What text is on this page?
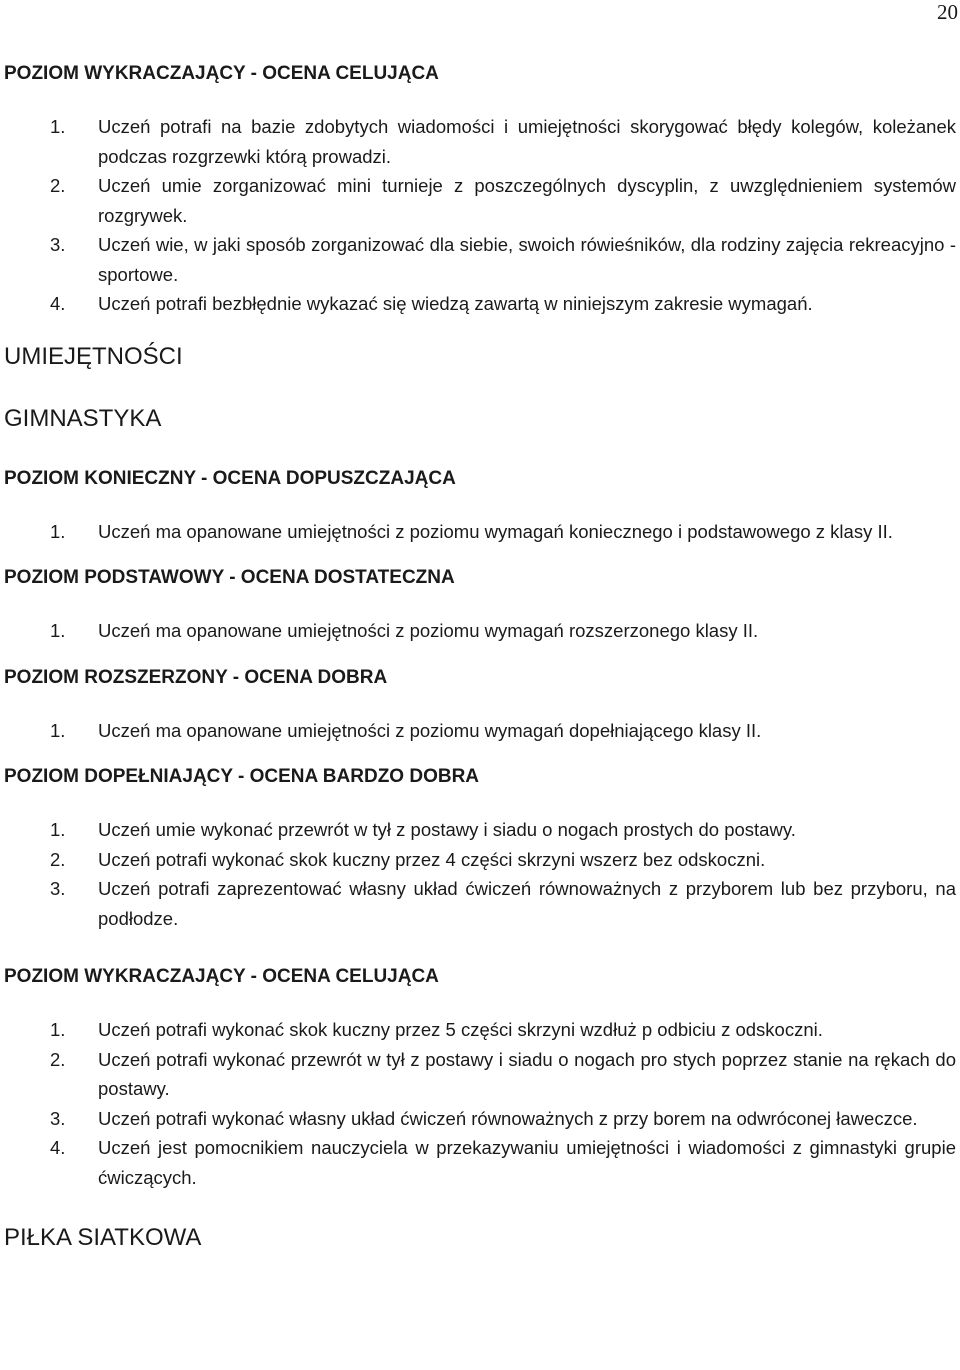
20

POZIOM WYKRACZAJĄCY - OCENA CELUJĄCA
1.	Uczeń potrafi na bazie zdobytych wiadomości i umiejętności skorygować błędy kolegów, koleżanek podczas rozgrzewki którą prowadzi.
2.	Uczeń umie zorganizować mini turnieje z poszczególnych dyscyplin, z uwzględnieniem systemów rozgrywek.
3.	Uczeń wie, w jaki sposób zorganizować dla siebie, swoich rówieśników, dla rodziny zajęcia rekreacyjno - sportowe.
4.	Uczeń potrafi bezbłędnie wykazać się wiedzą zawartą w niniejszym zakresie wymagań.
UMIEJĘTNOŚCI
GIMNASTYKA
POZIOM KONIECZNY - OCENA DOPUSZCZAJĄCA
1.	Uczeń ma opanowane umiejętności z poziomu wymagań koniecznego i podstawowego z klasy II.
POZIOM PODSTAWOWY - OCENA DOSTATECZNA
1.	Uczeń ma opanowane umiejętności z poziomu wymagań rozszerzonego klasy II.
POZIOM ROZSZERZONY - OCENA DOBRA
1.	Uczeń ma opanowane umiejętności z poziomu wymagań dopełniającego klasy II.
POZIOM DOPEŁNIAJĄCY - OCENA BARDZO DOBRA
1.	Uczeń umie wykonać przewrót w tył z postawy i siadu o nogach prostych do postawy.
2.	Uczeń potrafi wykonać skok kuczny przez 4 części skrzyni wszerz bez odskoczni.
3.	Uczeń potrafi zaprezentować własny układ ćwiczeń równoważnych z przyborem lub bez przyboru, na podłodze.
POZIOM WYKRACZAJĄCY - OCENA CELUJĄCA
1.	Uczeń potrafi wykonać skok kuczny przez 5 części skrzyni wzdłuż p odbiciu z odskoczni.
2.	Uczeń potrafi wykonać przewrót w tył z postawy i siadu o nogach pro stych poprzez stanie na rękach do postawy.
3.	Uczeń potrafi wykonać własny układ ćwiczeń równoważnych z przy borem na odwróconej ławeczce.
4.	Uczeń jest pomocnikiem nauczyciela w przekazywaniu umiejętności i wiadomości z gimnastyki grupie ćwiczących.
PIŁKA SIATKOWA
